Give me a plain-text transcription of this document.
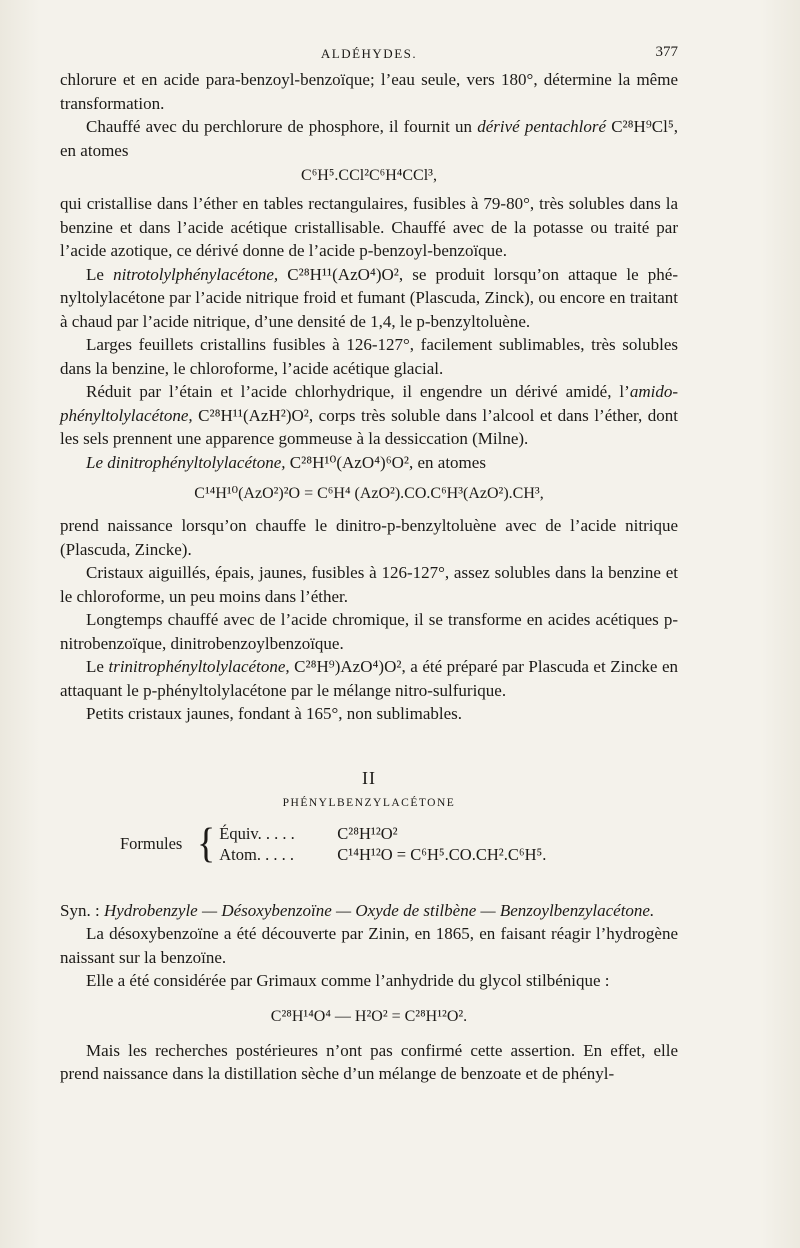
ALDÉHYDES.	377

chlorure et en acide para-benzoyl-benzoïque; l’eau seule, vers 180°, détermine la même transformation.

Chauffé avec du perchlorure de phosphore, il fournit un dérivé pentachloré C²⁸H⁹Cl⁵, en atomes

C⁶H⁵.CCl²C⁶H⁴CCl³,

qui cristallise dans l’éther en tables rectangulaires, fusibles à 79-80°, très solubles dans la benzine et dans l’acide acétique cristallisable. Chauffé avec de la potasse ou traité par l’acide azotique, ce dérivé donne de l’acide p-benzoyl-benzoïque.

Le nitrotolylphénylacétone, C²⁸H¹¹(AzO⁴)O², se produit lorsqu’on attaque le phényltolylacétone par l’acide nitrique froid et fumant (Plascuda, Zinck), ou encore en traitant à chaud par l’acide nitrique, d’une densité de 1,4, le p-benzyltoluène.

Larges feuillets cristallins fusibles à 126-127°, facilement sublimables, très solubles dans la benzine, le chloroforme, l’acide acétique glacial.

Réduit par l’étain et l’acide chlorhydrique, il engendre un dérivé amidé, l’amidophényltolylacétone, C²⁸H¹¹(AzH²)O², corps très soluble dans l’alcool et dans l’éther, dont les sels prennent une apparence gommeuse à la dessiccation (Milne).

Le dinitrophényltolylacétone, C²⁸H¹⁰(AzO⁴)⁶O², en atomes

C¹⁴H¹⁰(AzO²)²O = C⁶H⁴ (AzO²).CO.C⁶H³(AzO²).CH³,

prend naissance lorsqu’on chauffe le dinitro-p-benzyltoluène avec de l’acide nitrique (Plascuda, Zincke).

Cristaux aiguillés, épais, jaunes, fusibles à 126-127°, assez solubles dans la benzine et le chloroforme, un peu moins dans l’éther.

Longtemps chauffé avec de l’acide chromique, il se transforme en acides acétiques p-nitrobenzoïque, dinitrobenzoylbenzoïque.

Le trinitrophényltolylacétone, C²⁸H⁹)AzO⁴)O², a été préparé par Plascuda et Zincke en attaquant le p-phényltolylacétone par le mélange nitro-sulfurique.

Petits cristaux jaunes, fondant à 165°, non sublimables.

II
PHÉNYLBENZYLACÉTONE
Formules { Équiv. . . . .	C²⁸H¹²O²
Atom. . . . .	C¹⁴H¹²O = C⁶H⁵.CO.CH².C⁶H⁵.

Syn. : Hydrobenzyle — Désoxybenzoïne — Oxyde de stilbène — Benzoylbenzylacétone.

La désoxybenzoïne a été découverte par Zinin, en 1865, en faisant réagir l’hydrogène naissant sur la benzoïne.

Elle a été considérée par Grimaux comme l’anhydride du glycol stilbénique :

C²⁸H¹⁴O⁴ — H²O² = C²⁸H¹²O².

Mais les recherches postérieures n’ont pas confirmé cette assertion. En effet, elle prend naissance dans la distillation sèche d’un mélange de benzoate et de phényl-
